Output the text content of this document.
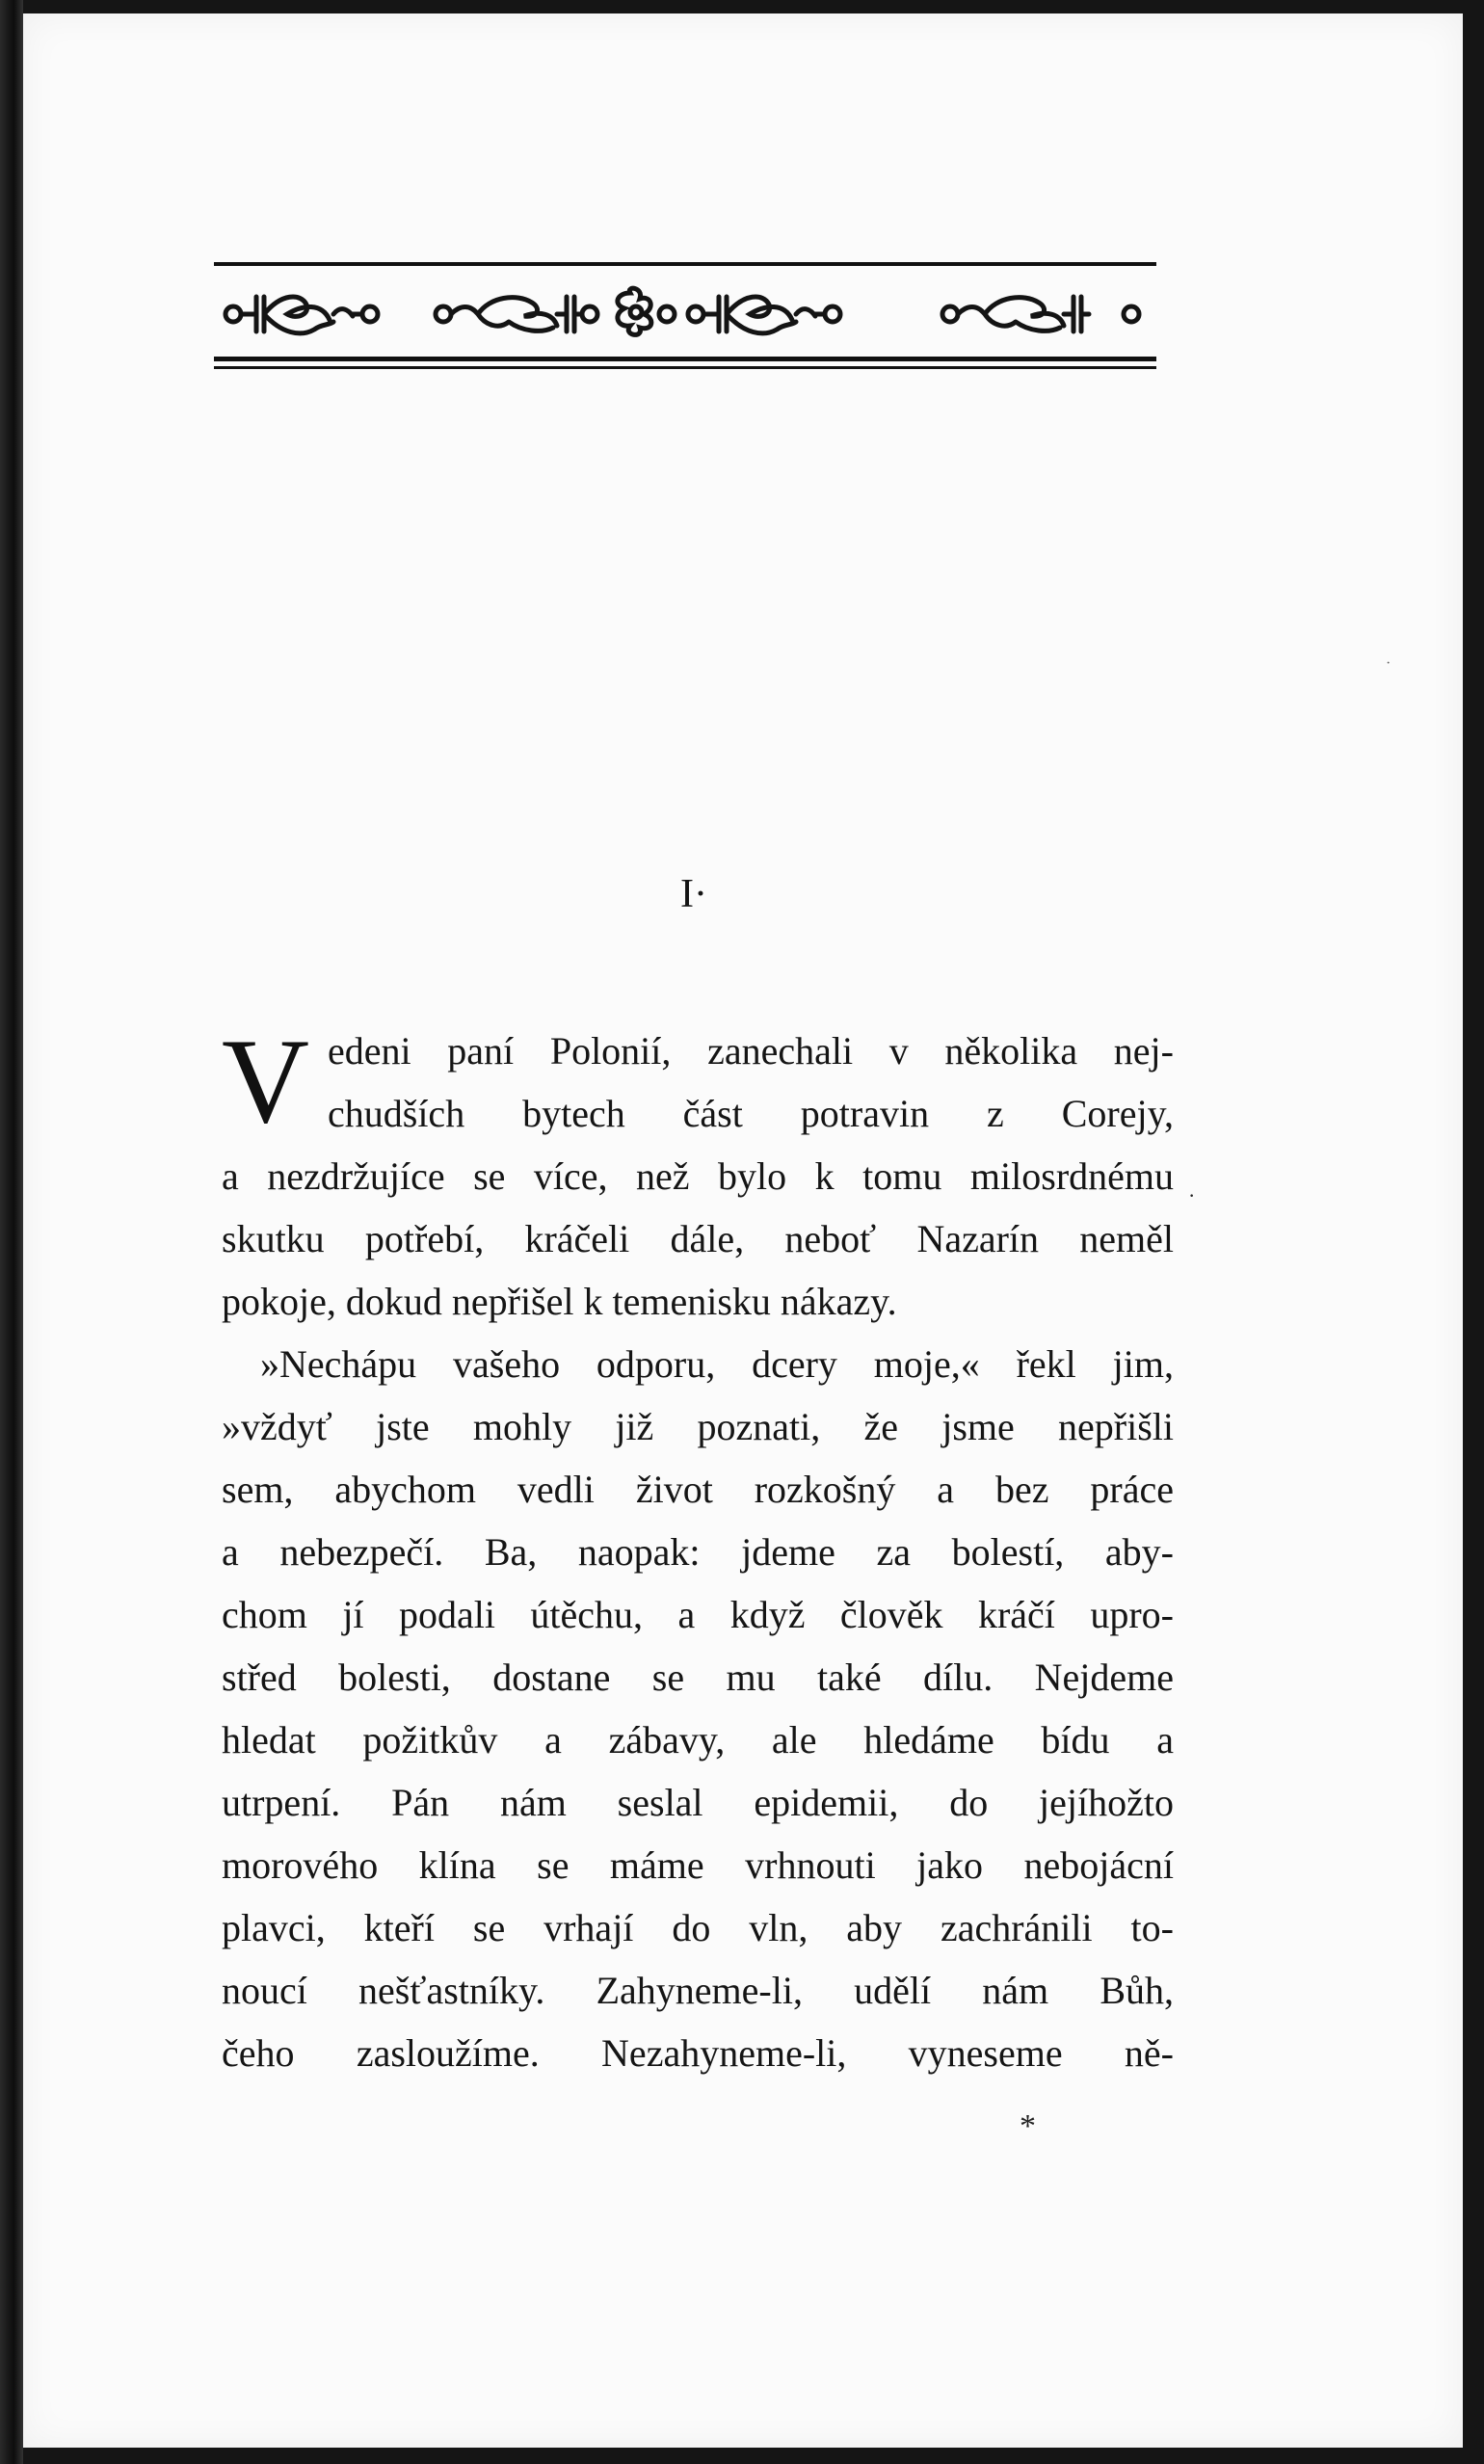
I·
V edeni paní Polonií, zanechali v několika nej-
chudších bytech část potravin z Corejy,
a nezdržujíce se více, než bylo k tomu milosrdnému
skutku potřebí, kráčeli dále, neboť Nazarín neměl
pokoje, dokud nepřišel k temenisku nákazy.
»Nechápu vašeho odporu, dcery moje,« řekl jim,
»vždyť jste mohly již poznati, že jsme nepřišli
sem, abychom vedli život rozkošný a bez práce
a nebezpečí. Ba, naopak: jdeme za bolestí, aby-
chom jí podali útěchu, a když člověk kráčí upro-
střed bolesti, dostane se mu také dílu. Nejdeme
hledat požitkův a zábavy, ale hledáme bídu a
utrpení. Pán nám seslal epidemii, do jejíhožto
morového klína se máme vrhnouti jako nebojácní
plavci, kteří se vrhají do vln, aby zachránili to-
noucí nešťastníky. Zahyneme-li, udělí nám Bůh,
čeho zasloužíme. Nezahyneme-li, vyneseme ně-
*
·
·
